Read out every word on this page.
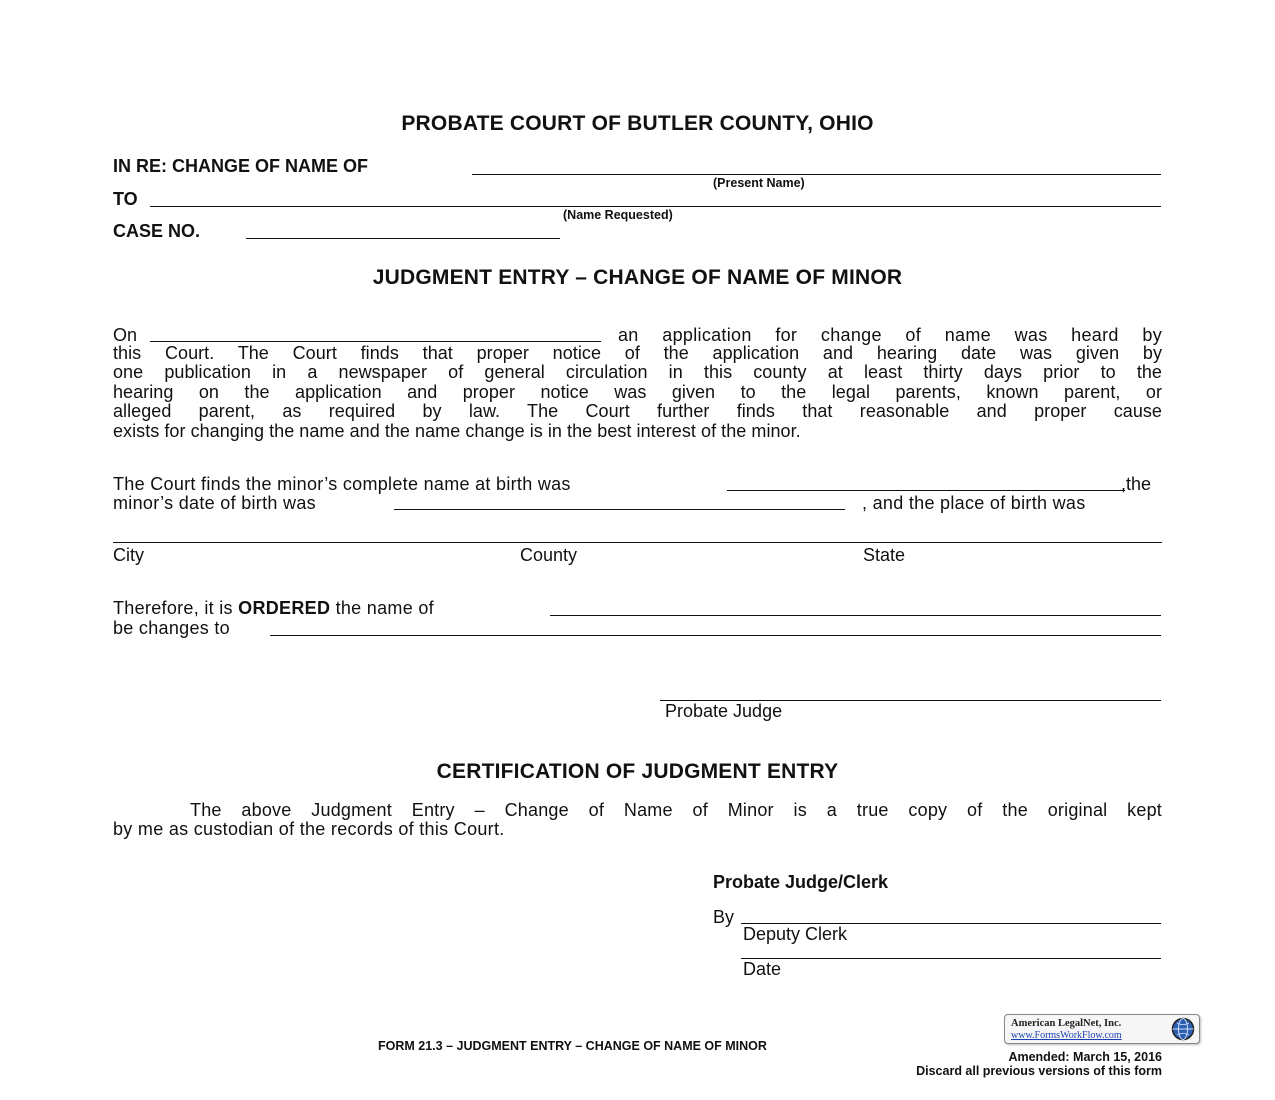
PROBATE COURT OF BUTLER COUNTY, OHIO
IN RE: CHANGE OF NAME OF
(Present Name)
TO
(Name Requested)
CASE NO.
JUDGMENT ENTRY – CHANGE OF NAME OF MINOR
On	an application for change of name was heard by
this Court. The Court finds that proper notice of the application and hearing date was given by
one publication in a newspaper of general circulation in this county at least thirty days prior to the
hearing on the application and proper notice was given to the legal parents, known parent, or
alleged parent, as required by law. The Court further finds that reasonable and proper cause
exists for changing the name and the name change is in the best interest of the minor.
The Court finds the minor’s complete name at birth was	,the
minor’s date of birth was	, and the place of birth was
City	County	State
Therefore, it is ORDERED the name of
be changes to
Probate Judge
CERTIFICATION OF JUDGMENT ENTRY
The above Judgment Entry – Change of Name of Minor is a true copy of the original kept
by me as custodian of the records of this Court.
Probate Judge/Clerk
By
Deputy Clerk
Date
American LegalNet, Inc.
www.FormsWorkFlow.com
FORM 21.3 – JUDGMENT ENTRY – CHANGE OF NAME OF MINOR
Amended: March 15, 2016
Discard all previous versions of this form
